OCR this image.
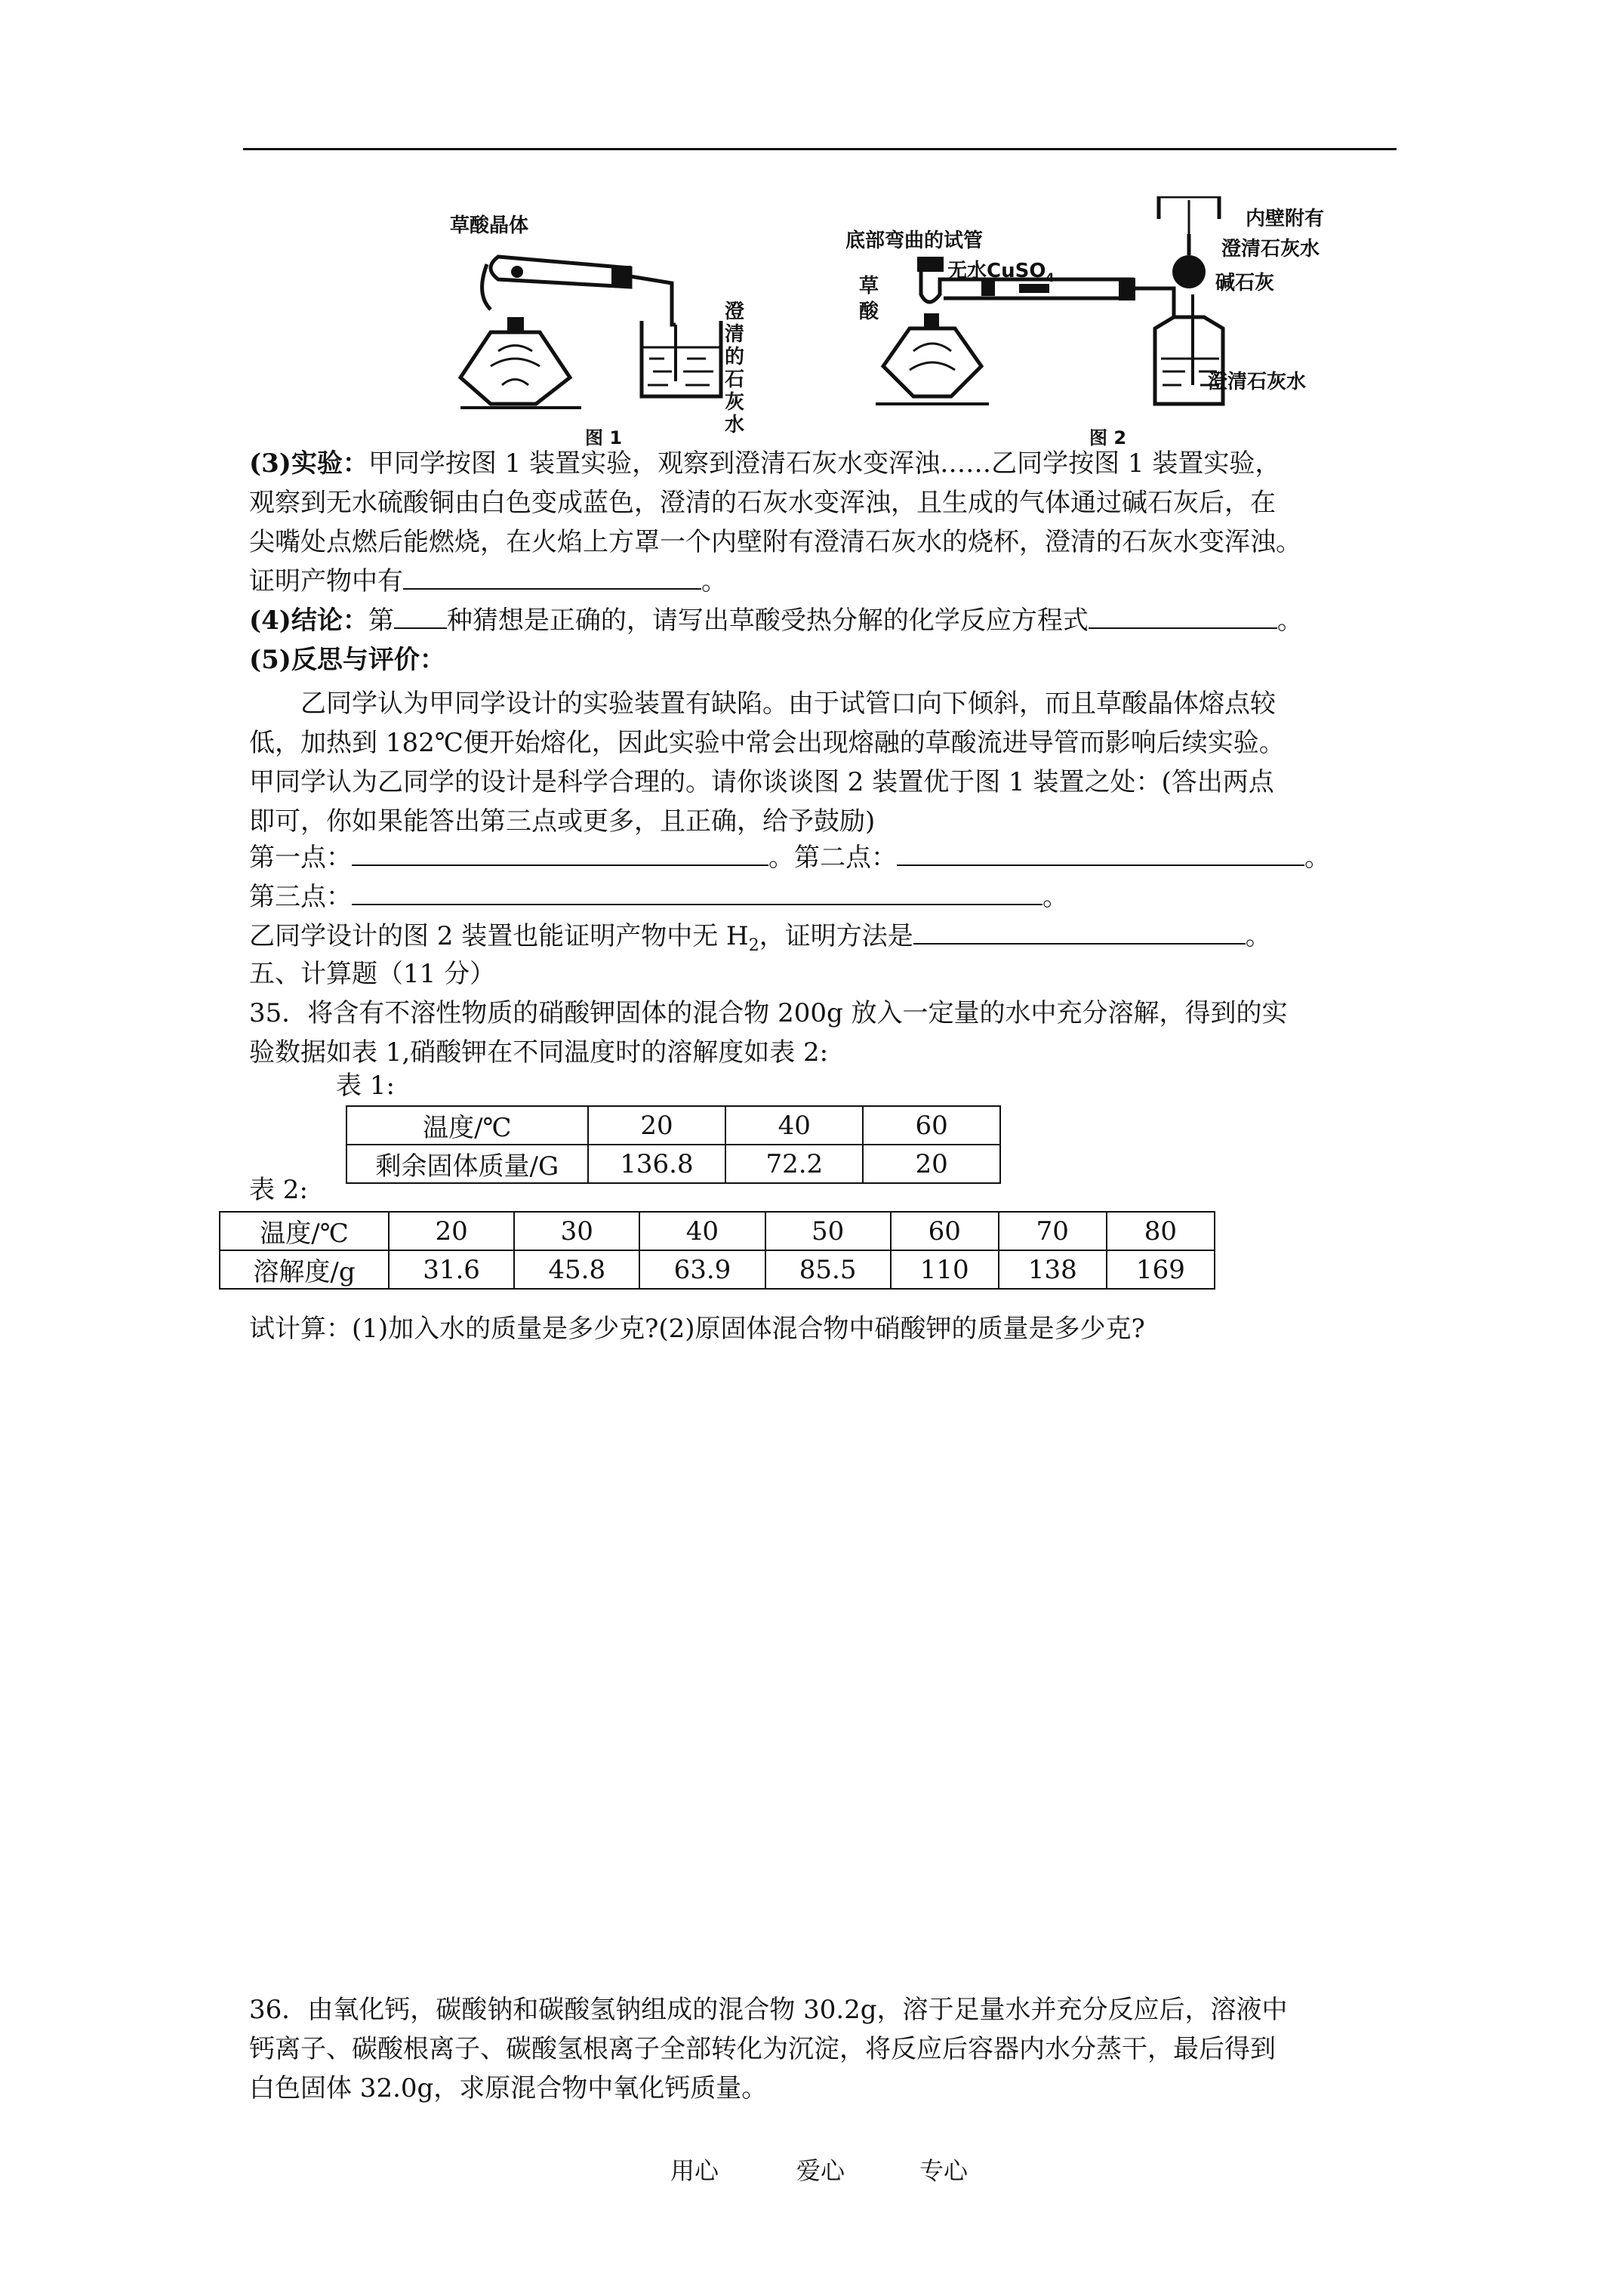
草酸晶体
澄
清
的
石
灰
水
图 1
底部弯曲的试管
草
酸
无水CuSO$_4$
内壁附有
澄清石灰水
碱石灰
澄清石灰水
图 2
(3)实验：甲同学按图 1 装置实验，观察到澄清石灰水变浑浊……乙同学按图 1 装置实验，
观察到无水硫酸铜由白色变成蓝色，澄清的石灰水变浑浊，且生成的气体通过碱石灰后，在
尖嘴处点燃后能燃烧，在火焰上方罩一个内壁附有澄清石灰水的烧杯，澄清的石灰水变浑浊。
证明产物中有	。
(4)结论：第 种猜想是正确的，请写出草酸受热分解的化学反应方程式	。
(5)反思与评价：
乙同学认为甲同学设计的实验装置有缺陷。由于试管口向下倾斜，而且草酸晶体熔点较
低，加热到 182℃便开始熔化，因此实验中常会出现熔融的草酸流进导管而影响后续实验。
甲同学认为乙同学的设计是科学合理的。请你谈谈图 2 装置优于图 1 装置之处：(答出两点
即可，你如果能答出第三点或更多，且正确，给予鼓励)
第一点：	。第二点：	。
第三点：	。
乙同学设计的图 2 装置也能证明产物中无 $H_2$，证明方法是	。
五、计算题（11 分）
35．将含有不溶性物质的硝酸钾固体的混合物 200g 放入一定量的水中充分溶解，得到的实
验数据如表 1,硝酸钾在不同温度时的溶解度如表 2:
表 1:
温度/℃	20	40	60
剩余固体质量/G	136.8	72.2	20
表 2:
温度/℃	20	30	40	50	60	70	80
溶解度/g	31.6	45.8	63.9	85.5	110	138	169
试计算：(1)加入水的质量是多少克?(2)原固体混合物中硝酸钾的质量是多少克?
36．由氧化钙，碳酸钠和碳酸氢钠组成的混合物 30.2g，溶于足量水并充分反应后，溶液中
钙离子、碳酸根离子、碳酸氢根离子全部转化为沉淀，将反应后容器内水分蒸干，最后得到
白色固体 32.0g，求原混合物中氧化钙质量。
用心	爱心	专心
